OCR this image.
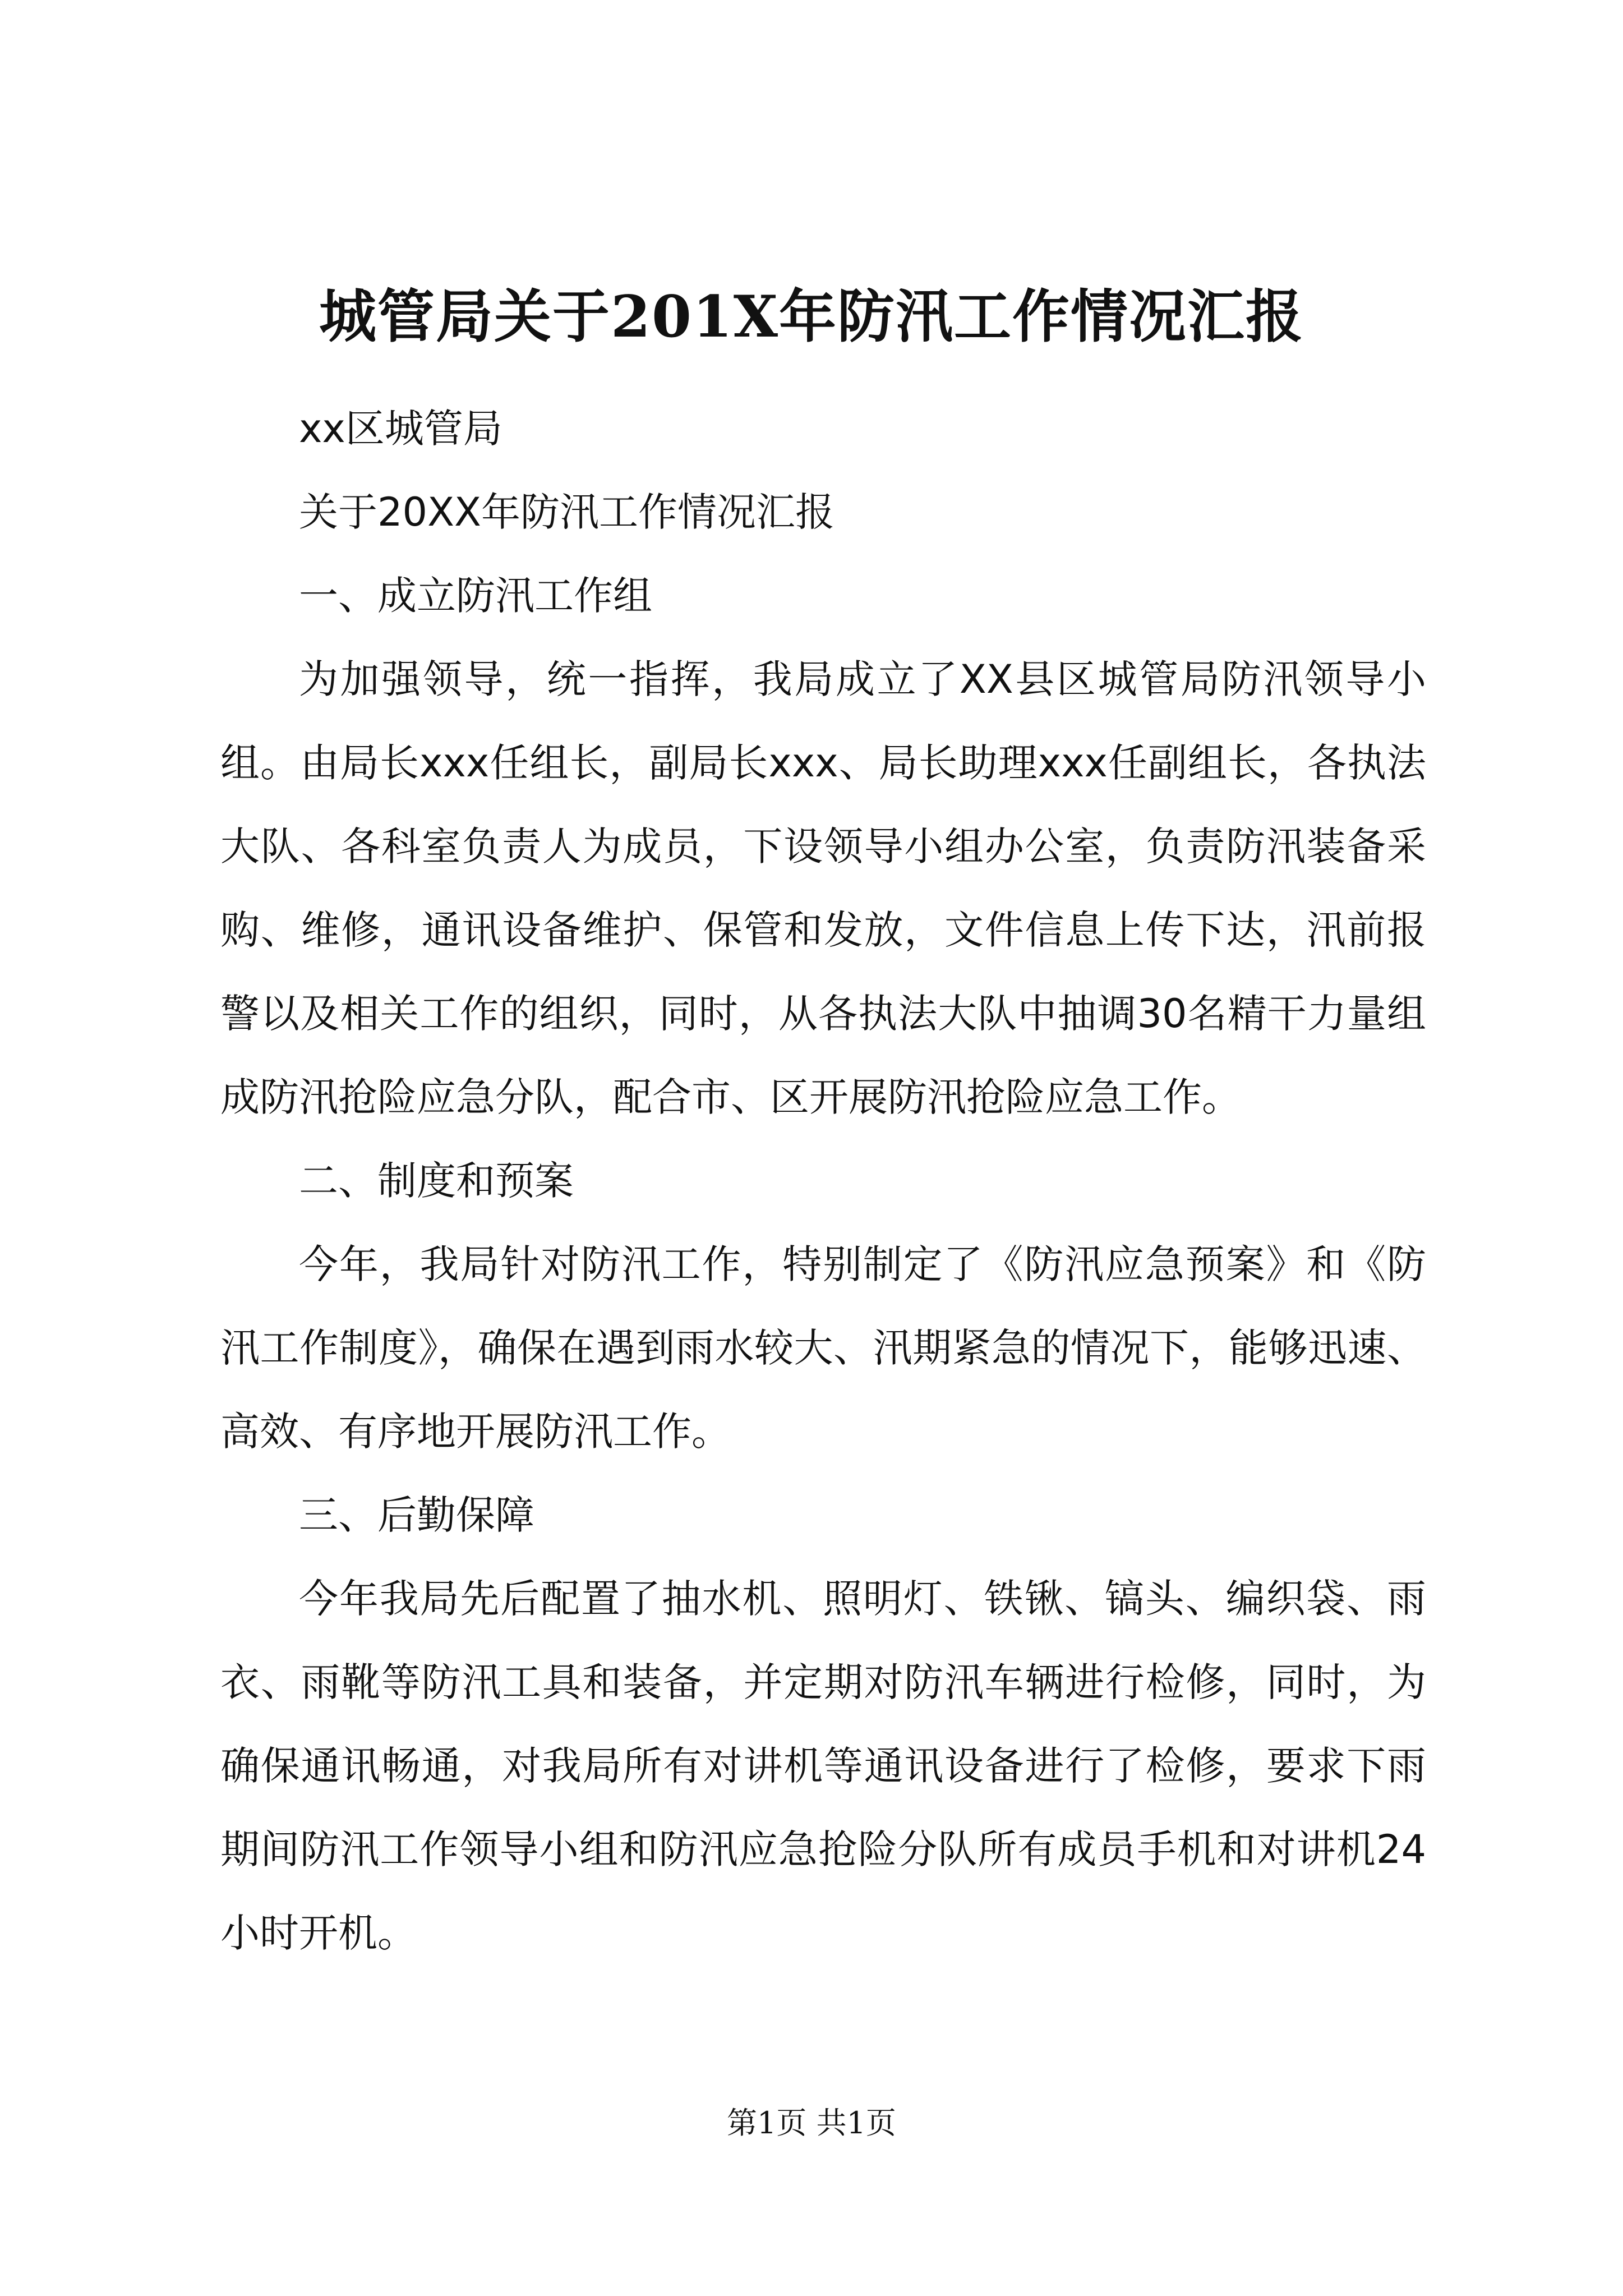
城管局关于201X年防汛工作情况汇报

xx区城管局

关于20XX年防汛工作情况汇报

一、成立防汛工作组

为加强领导，统一指挥，我局成立了XX县区城管局防汛领导小组。由局长xxx任组长，副局长xxx、局长助理xxx任副组长，各执法大队、各科室负责人为成员，下设领导小组办公室，负责防汛装备采购、维修，通讯设备维护、保管和发放，文件信息上传下达，汛前报警以及相关工作的组织，同时，从各执法大队中抽调30名精干力量组成防汛抢险应急分队，配合市、区开展防汛抢险应急工作。

二、制度和预案

今年，我局针对防汛工作，特别制定了《防汛应急预案》和《防汛工作制度》，确保在遇到雨水较大、汛期紧急的情况下，能够迅速、高效、有序地开展防汛工作。

三、后勤保障

今年我局先后配置了抽水机、照明灯、铁锹、镐头、编织袋、雨衣、雨靴等防汛工具和装备，并定期对防汛车辆进行检修，同时，为确保通讯畅通，对我局所有对讲机等通讯设备进行了检修，要求下雨期间防汛工作领导小组和防汛应急抢险分队所有成员手机和对讲机24小时开机。

第1页 共1页
